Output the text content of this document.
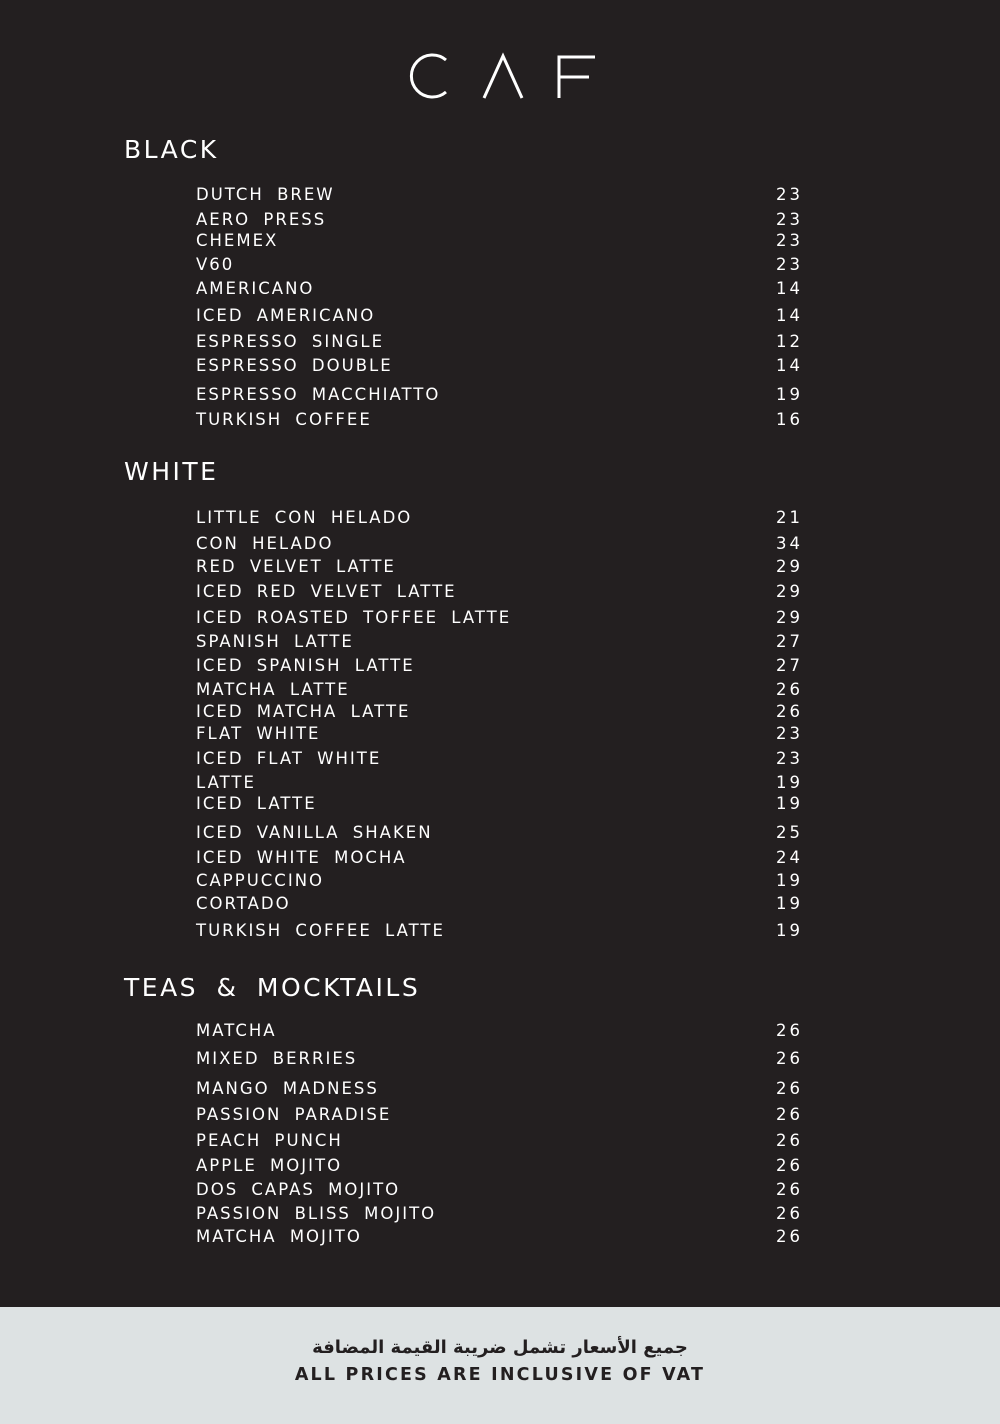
BLACK
DUTCH BREW	23
AERO PRESS	23
CHEMEX	23
V60	23
AMERICANO	14
ICED AMERICANO	14
ESPRESSO SINGLE	12
ESPRESSO DOUBLE	14
ESPRESSO MACCHIATTO	19
TURKISH COFFEE	16
WHITE
LITTLE CON HELADO	21
CON HELADO	34
RED VELVET LATTE	29
ICED RED VELVET LATTE	29
ICED ROASTED TOFFEE LATTE	29
SPANISH LATTE	27
ICED SPANISH LATTE	27
MATCHA LATTE	26
ICED MATCHA LATTE	26
FLAT WHITE	23
ICED FLAT WHITE	23
LATTE	19
ICED LATTE	19
ICED VANILLA SHAKEN	25
ICED WHITE MOCHA	24
CAPPUCCINO	19
CORTADO	19
TURKISH COFFEE LATTE	19
TEAS & MOCKTAILS
MATCHA	26
MIXED BERRIES	26
MANGO MADNESS	26
PASSION PARADISE	26
PEACH PUNCH	26
APPLE MOJITO	26
DOS CAPAS MOJITO	26
PASSION BLISS MOJITO	26
MATCHA MOJITO	26
جميع الأسعار تشمل ضريبة القيمة المضافة
ALL PRICES ARE INCLUSIVE OF VAT
